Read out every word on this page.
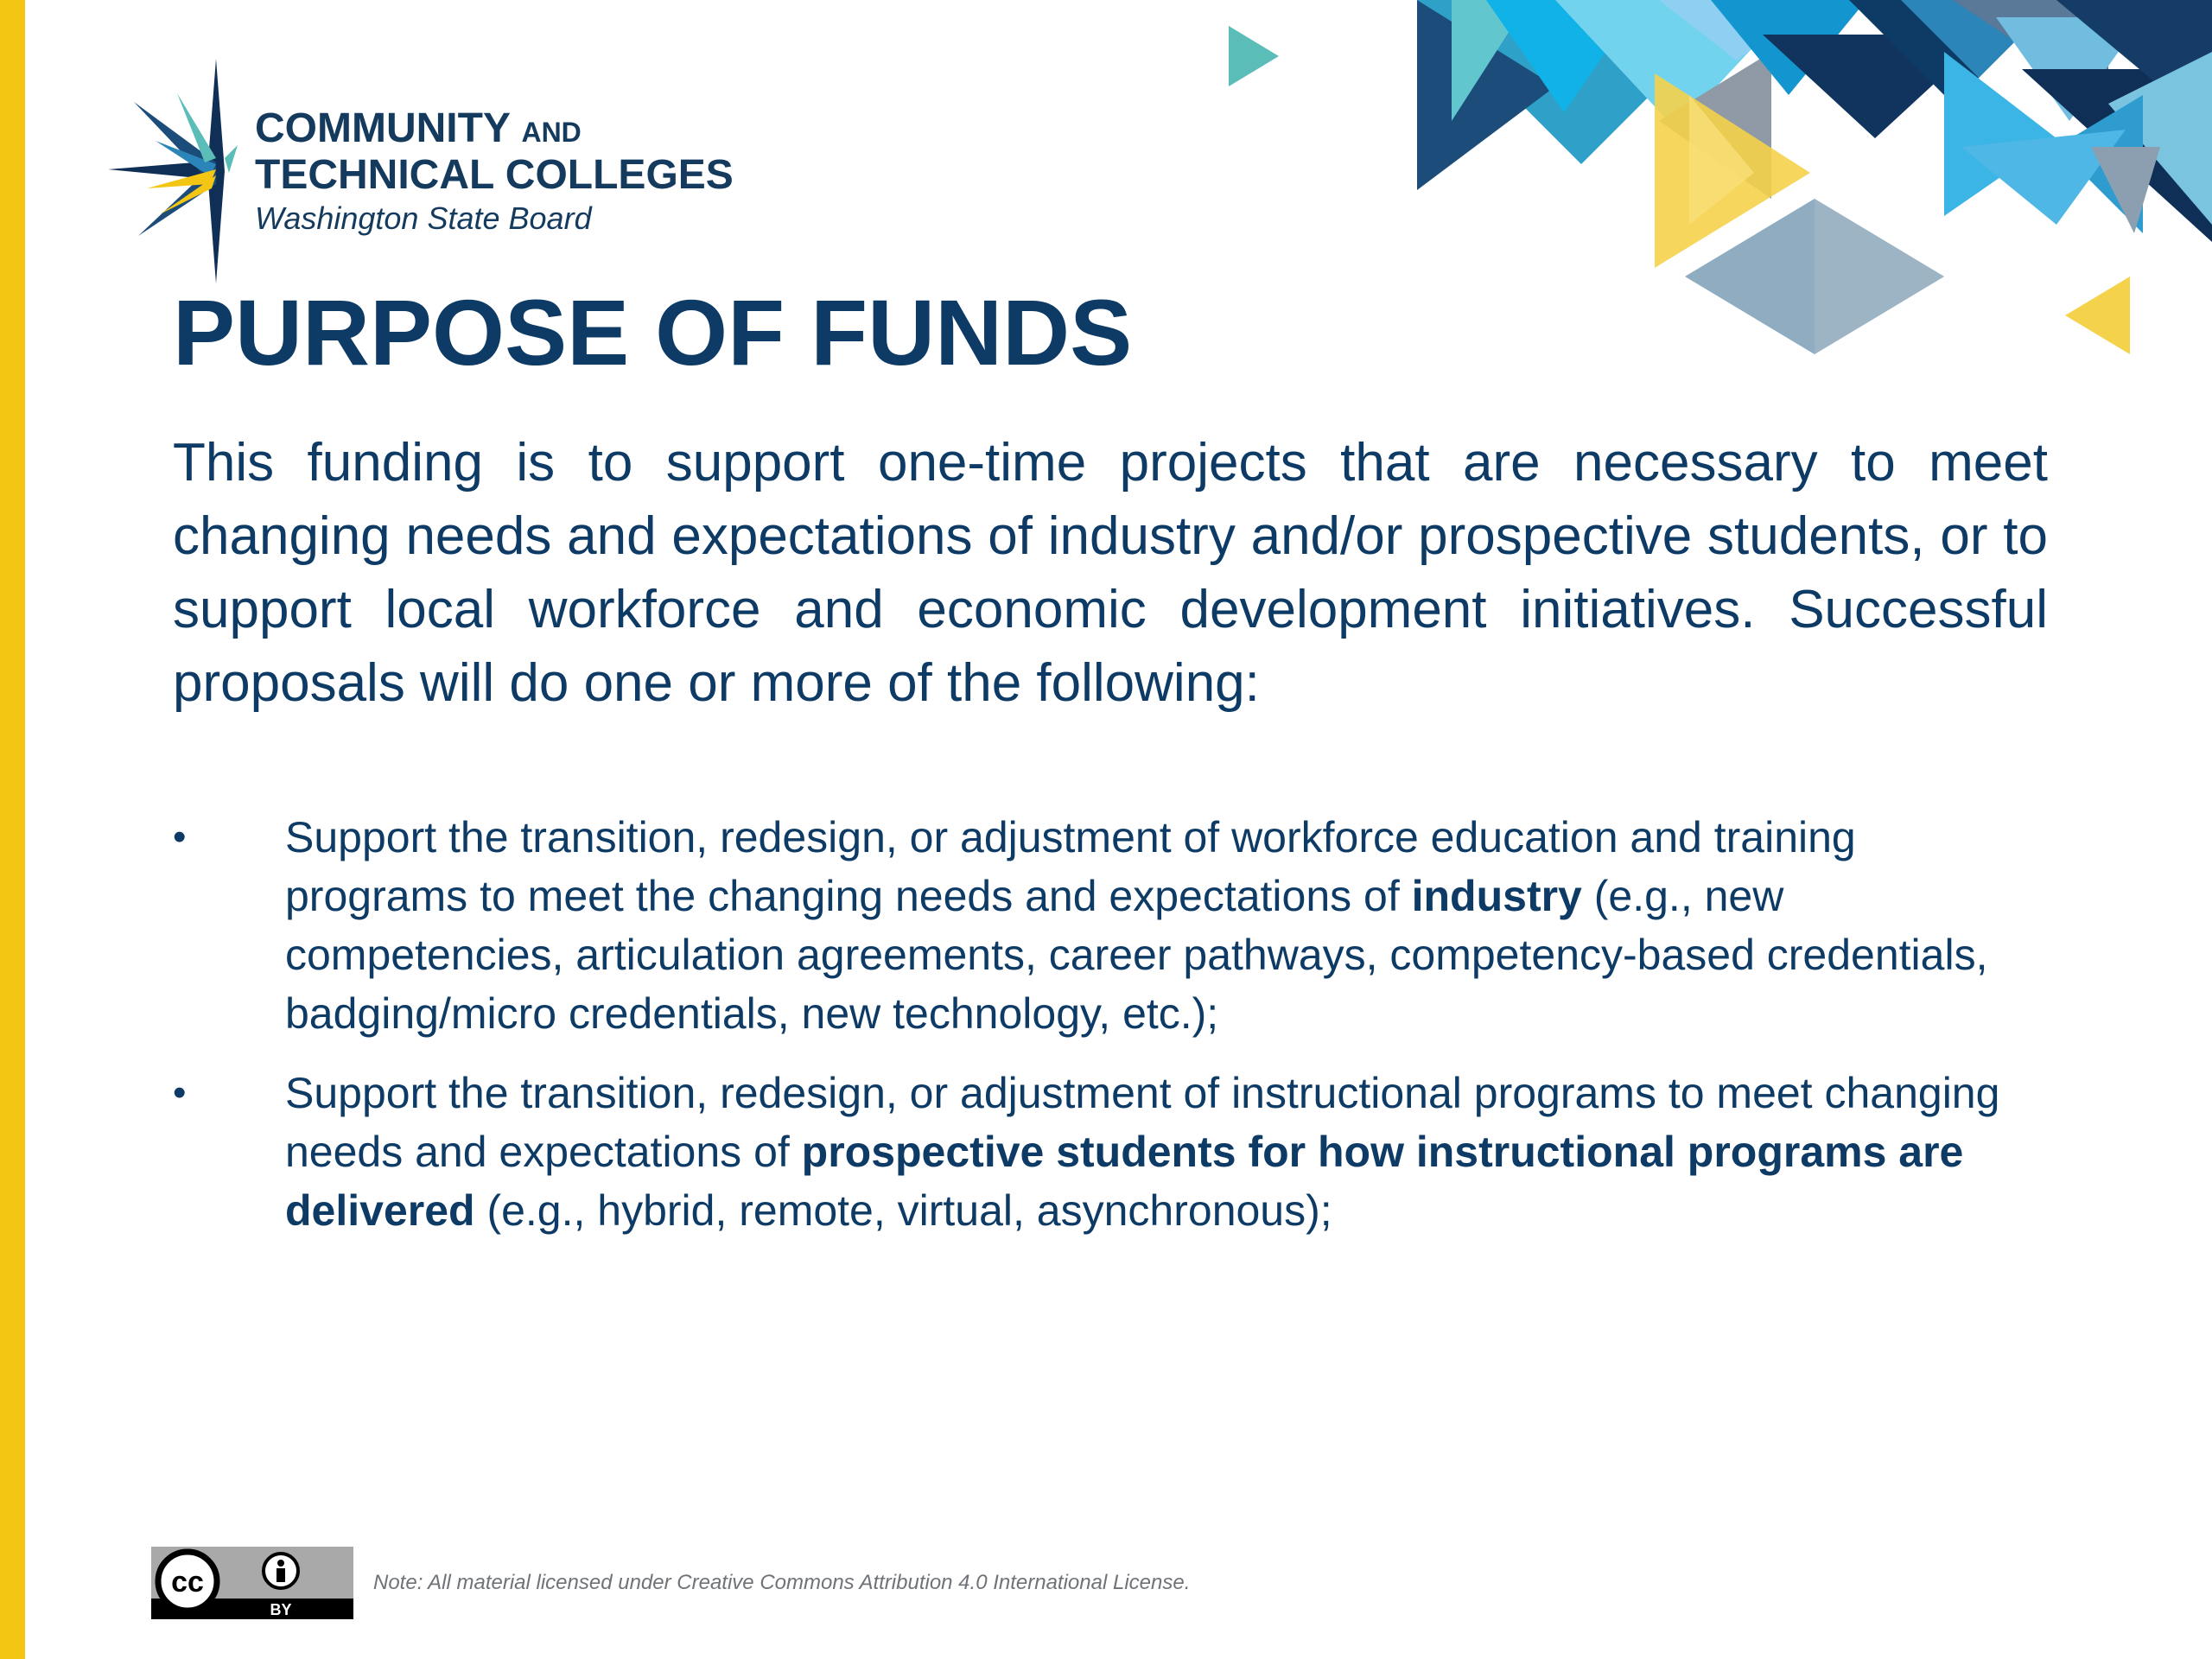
COMMUNITY AND
TECHNICAL COLLEGES
Washington State Board
PURPOSE OF FUNDS

This funding is to support one-time projects that are necessary to meet changing needs and expectations of industry and/or prospective students, or to support local workforce and economic development initiatives. Successful proposals will do one or more of the following:

• Support the transition, redesign, or adjustment of workforce education and training programs to meet the changing needs and expectations of industry (e.g., new competencies, articulation agreements, career pathways, competency-based credentials, badging/micro credentials, new technology, etc.);
• Support the transition, redesign, or adjustment of instructional programs to meet changing needs and expectations of prospective students for how instructional programs are delivered (e.g., hybrid, remote, virtual, asynchronous);
cc
BY
Note: All material licensed under Creative Commons Attribution 4.0 International License.
